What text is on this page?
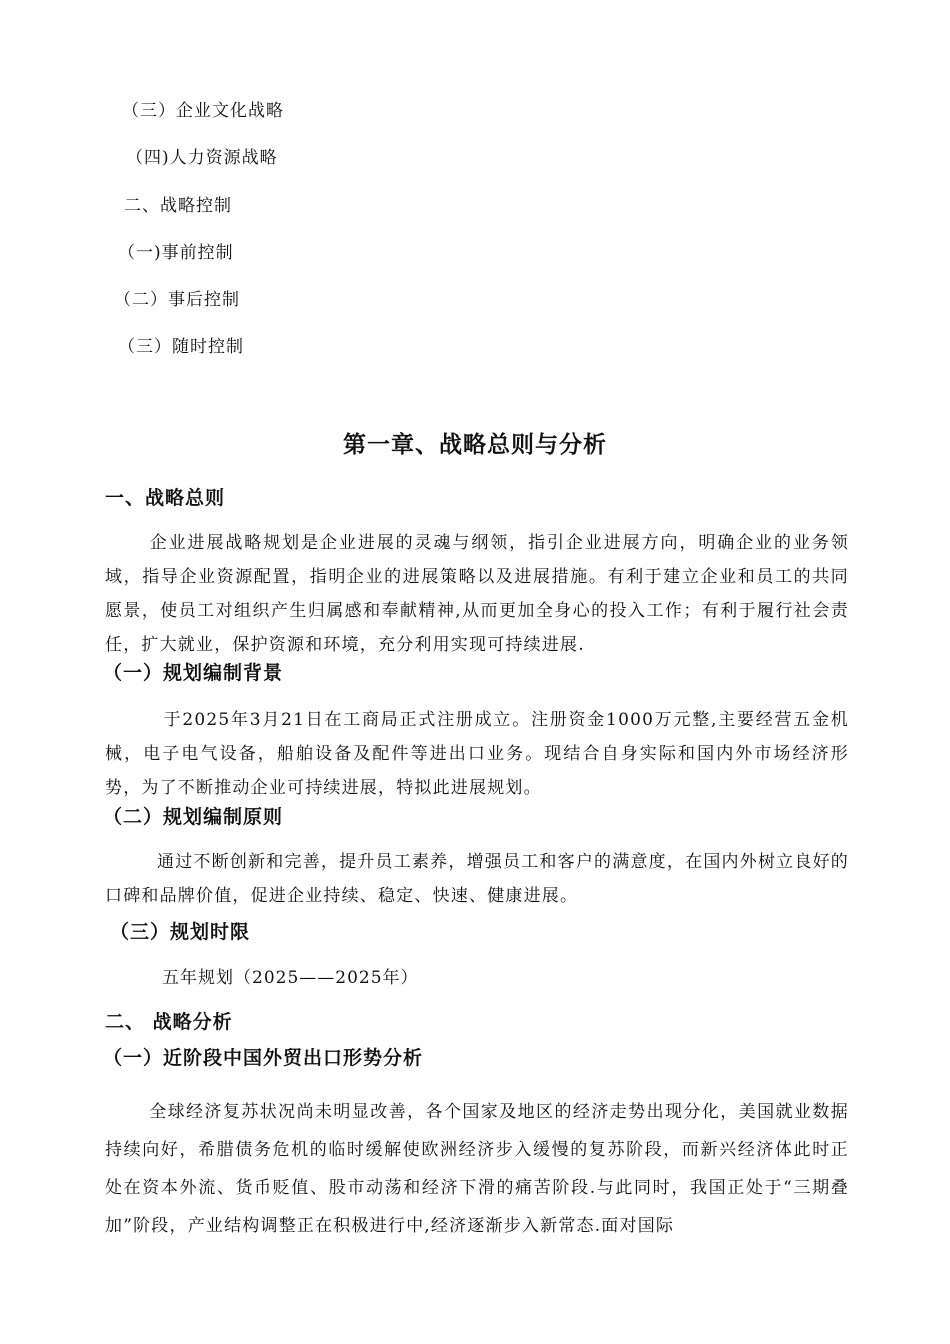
（三）企业文化战略
（四)人力资源战略
二、战略控制
（一)事前控制
（二）事后控制
（三）随时控制
第一章、战略总则与分析
一、战略总则
企业进展战略规划是企业进展的灵魂与纲领，指引企业进展方向，明确企业的业务领域，指导企业资源配置，指明企业的进展策略以及进展措施。有利于建立企业和员工的共同愿景，使员工对组织产生归属感和奉献精神,从而更加全身心的投入工作；有利于履行社会责任，扩大就业，保护资源和环境，充分利用实现可持续进展.
（一）规划编制背景
于2025年3月21日在工商局正式注册成立。注册资金1000万元整,主要经营五金机械，电子电气设备，船舶设备及配件等进出口业务。现结合自身实际和国内外市场经济形势，为了不断推动企业可持续进展，特拟此进展规划。
（二）规划编制原则
通过不断创新和完善，提升员工素养，增强员工和客户的满意度，在国内外树立良好的口碑和品牌价值，促进企业持续、稳定、快速、健康进展。
（三）规划时限
五年规划（2025——2025年）
二、 战略分析
（一）近阶段中国外贸出口形势分析
全球经济复苏状况尚未明显改善，各个国家及地区的经济走势出现分化，美国就业数据持续向好，希腊债务危机的临时缓解使欧洲经济步入缓慢的复苏阶段，而新兴经济体此时正处在资本外流、货币贬值、股市动荡和经济下滑的痛苦阶段.与此同时，我国正处于“三期叠加”阶段，产业结构调整正在积极进行中,经济逐渐步入新常态.面对国际
